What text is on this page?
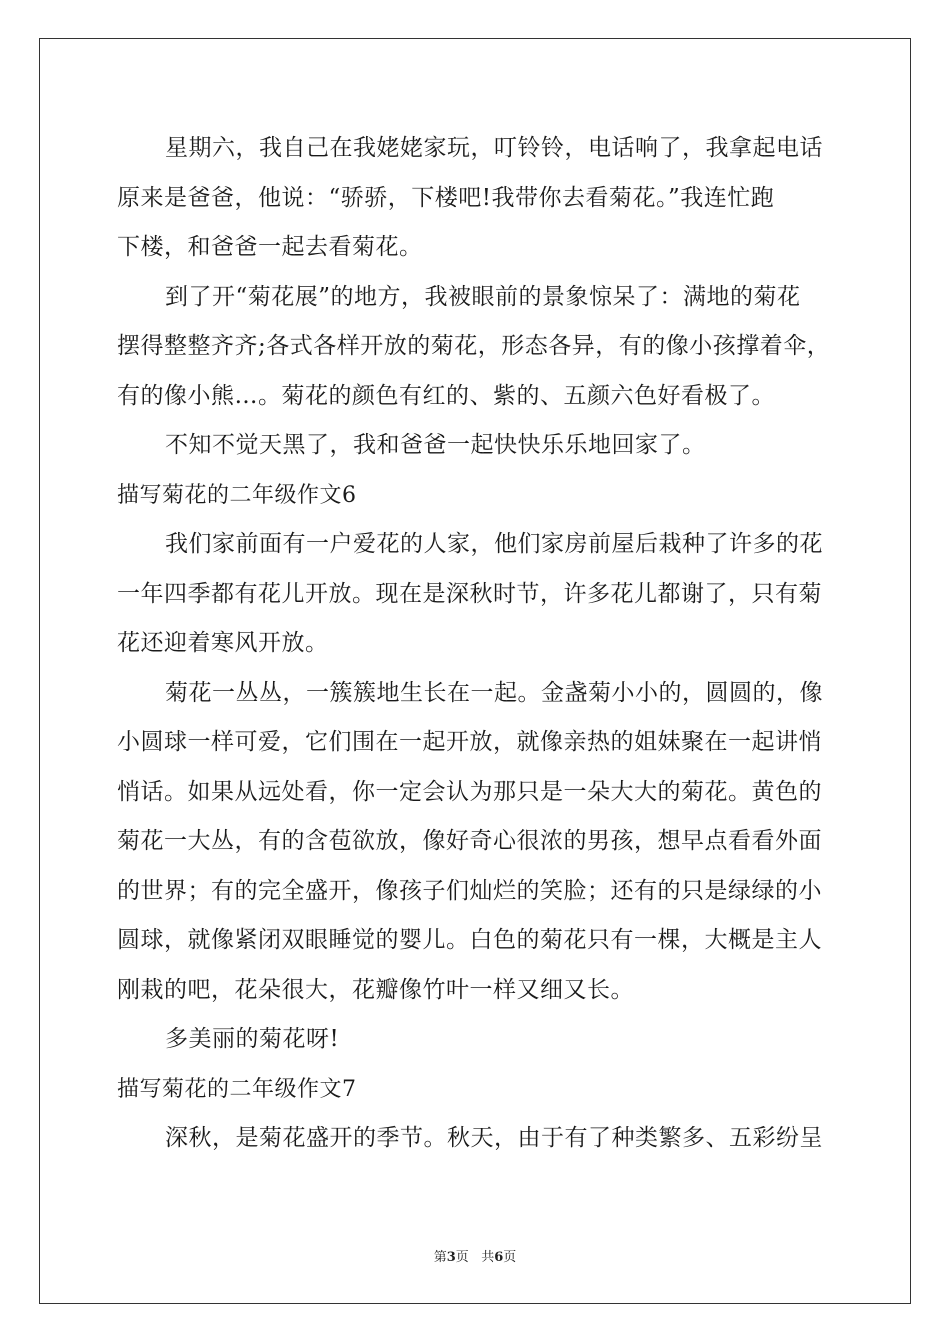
星期六，我自己在我姥姥家玩，叮铃铃，电话响了，我拿起电话
原来是爸爸，他说：“骄骄，下楼吧!我带你去看菊花。”我连忙跑
下楼，和爸爸一起去看菊花。
到了开“菊花展”的地方，我被眼前的景象惊呆了：满地的菊花
摆得整整齐齐;各式各样开放的菊花，形态各异，有的像小孩撑着伞，
有的像小熊…。菊花的颜色有红的、紫的、五颜六色好看极了。
不知不觉天黑了，我和爸爸一起快快乐乐地回家了。
描写菊花的二年级作文6
我们家前面有一户爱花的人家，他们家房前屋后栽种了许多的花
一年四季都有花儿开放。现在是深秋时节，许多花儿都谢了，只有菊
花还迎着寒风开放。
菊花一丛丛，一簇簇地生长在一起。金盏菊小小的，圆圆的，像
小圆球一样可爱，它们围在一起开放，就像亲热的姐妹聚在一起讲悄
悄话。如果从远处看，你一定会认为那只是一朵大大的菊花。黄色的
菊花一大丛，有的含苞欲放，像好奇心很浓的男孩，想早点看看外面
的世界；有的完全盛开，像孩子们灿烂的笑脸；还有的只是绿绿的小
圆球，就像紧闭双眼睡觉的婴儿。白色的菊花只有一棵，大概是主人
刚栽的吧，花朵很大，花瓣像竹叶一样又细又长。
多美丽的菊花呀!
描写菊花的二年级作文7
深秋，是菊花盛开的季节。秋天，由于有了种类繁多、五彩纷呈
第3页   共6页
